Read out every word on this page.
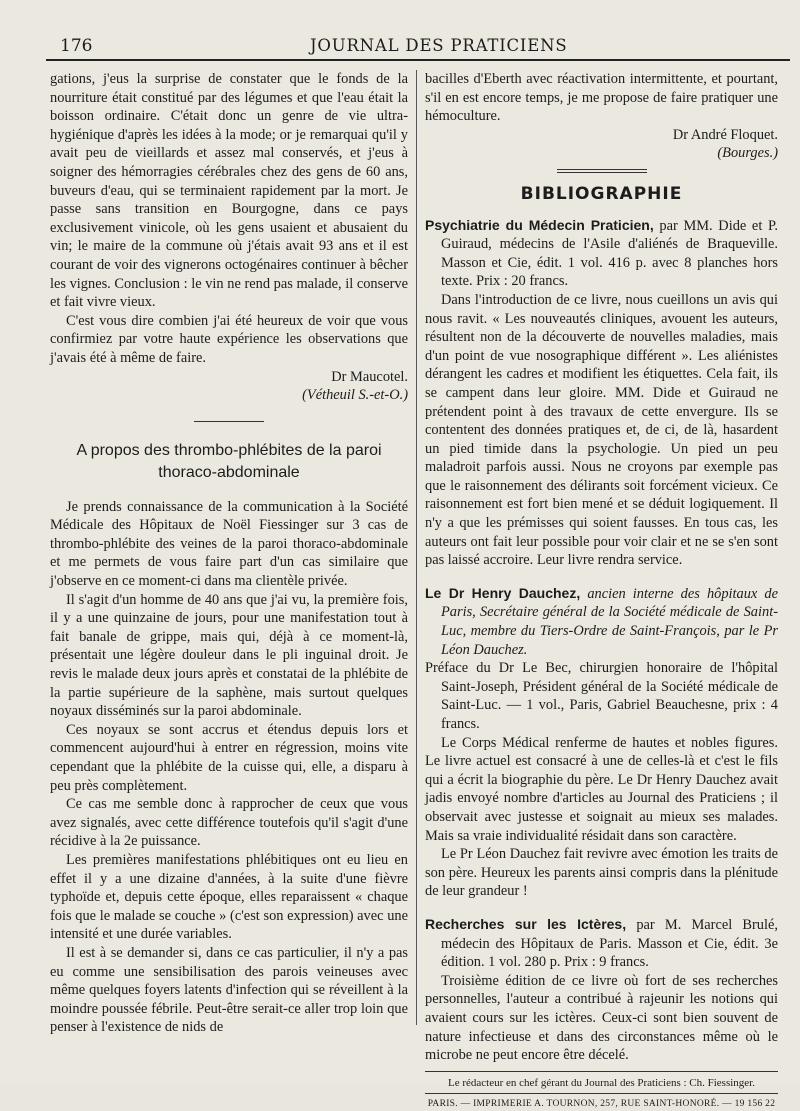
176	JOURNAL DES PRATICIENS

gations, j'eus la surprise de constater que le fonds de la nourriture était constitué par des légumes et que l'eau était la boisson ordinaire. C'était donc un genre de vie ultra-hygiénique d'après les idées à la mode; or je remarquai qu'il y avait peu de vieillards et assez mal conservés, et j'eus à soigner des hémorragies cérébrales chez des gens de 60 ans, buveurs d'eau, qui se terminaient rapidement par la mort. Je passe sans transition en Bourgogne, dans ce pays exclusivement vinicole, où les gens usaient et abusaient du vin; le maire de la commune où j'étais avait 93 ans et il est courant de voir des vignerons octogénaires continuer à bêcher les vignes. Conclusion : le vin ne rend pas malade, il conserve et fait vivre vieux.

C'est vous dire combien j'ai été heureux de voir que vous confirmiez par votre haute expérience les observations que j'avais été à même de faire.

Dr Maucotel.

(Vétheuil S.-et-O.)

A propos des thrombo-phlébites de la paroi
thoraco-abdominale

Je prends connaissance de la communication à la Société Médicale des Hôpitaux de Noël Fiessinger sur 3 cas de thrombo-phlébite des veines de la paroi thoraco-abdominale et me permets de vous faire part d'un cas similaire que j'observe en ce moment-ci dans ma clientèle privée.

Il s'agit d'un homme de 40 ans que j'ai vu, la première fois, il y a une quinzaine de jours, pour une manifestation tout à fait banale de grippe, mais qui, déjà à ce moment-là, présentait une légère douleur dans le pli inguinal droit. Je revis le malade deux jours après et constatai de la phlébite de la partie supérieure de la saphène, mais surtout quelques noyaux disséminés sur la paroi abdominale.

Ces noyaux se sont accrus et étendus depuis lors et commencent aujourd'hui à entrer en régression, moins vite cependant que la phlébite de la cuisse qui, elle, a disparu à peu près complètement.

Ce cas me semble donc à rapprocher de ceux que vous avez signalés, avec cette différence toutefois qu'il s'agit d'une récidive à la 2e puissance.

Les premières manifestations phlébitiques ont eu lieu en effet il y a une dizaine d'années, à la suite d'une fièvre typhoïde et, depuis cette époque, elles reparaissent « chaque fois que le malade se couche » (c'est son expression) avec une intensité et une durée variables.

Il est à se demander si, dans ce cas particulier, il n'y a pas eu comme une sensibilisation des parois veineuses avec même quelques foyers latents d'infection qui se réveillent à la moindre poussée fébrile. Peut-être serait-ce aller trop loin que penser à l'existence de nids de

bacilles d'Eberth avec réactivation intermittente, et pourtant, s'il en est encore temps, je me propose de faire pratiquer une hémoculture.

Dr André Floquet.

(Bourges.)

BIBLIOGRAPHIE

Psychiatrie du Médecin Praticien, par MM. Dide et P. Guiraud, médecins de l'Asile d'aliénés de Braqueville. Masson et Cie, édit. 1 vol. 416 p. avec 8 planches hors texte. Prix : 20 francs.

Dans l'introduction de ce livre, nous cueillons un avis qui nous ravit. « Les nouveautés cliniques, avouent les auteurs, résultent non de la découverte de nouvelles maladies, mais d'un point de vue nosographique différent ». Les aliénistes dérangent les cadres et modifient les étiquettes. Cela fait, ils se campent dans leur gloire. MM. Dide et Guiraud ne prétendent point à des travaux de cette envergure. Ils se contentent des données pratiques et, de ci, de là, hasardent un pied timide dans la psychologie. Un pied un peu maladroit parfois aussi. Nous ne croyons par exemple pas que le raisonnement des délirants soit forcément vicieux. Ce raisonnement est fort bien mené et se déduit logiquement. Il n'y a que les prémisses qui soient fausses. En tous cas, les auteurs ont fait leur possible pour voir clair et ne se s'en sont pas laissé accroire. Leur livre rendra service.

Le Dr Henry Dauchez, ancien interne des hôpitaux de Paris, Secrétaire général de la Société médicale de Saint-Luc, membre du Tiers-Ordre de Saint-François, par le Pr Léon Dauchez.

Préface du Dr Le Bec, chirurgien honoraire de l'hôpital Saint-Joseph, Président général de la Société médicale de Saint-Luc. — 1 vol., Paris, Gabriel Beauchesne, prix : 4 francs.

Le Corps Médical renferme de hautes et nobles figures. Le livre actuel est consacré à une de celles-là et c'est le fils qui a écrit la biographie du père. Le Dr Henry Dauchez avait jadis envoyé nombre d'articles au Journal des Praticiens ; il observait avec justesse et soignait au mieux ses malades. Mais sa vraie individualité résidait dans son caractère.

Le Pr Léon Dauchez fait revivre avec émotion les traits de son père. Heureux les parents ainsi compris dans la plénitude de leur grandeur !

Recherches sur les Ictères, par M. Marcel Brulé, médecin des Hôpitaux de Paris. Masson et Cie, édit. 3e édition. 1 vol. 280 p. Prix : 9 francs.

Troisième édition de ce livre où fort de ses recherches personnelles, l'auteur a contribué à rajeunir les notions qui avaient cours sur les ictères. Ceux-ci sont bien souvent de nature infectieuse et dans des circonstances même où le microbe ne peut encore être décelé.

Le rédacteur en chef gérant du Journal des Praticiens : Ch. Fiessinger.

PARIS. — IMPRIMERIE A. TOURNON, 257, RUE SAINT-HONORÉ. — 19 156 22
